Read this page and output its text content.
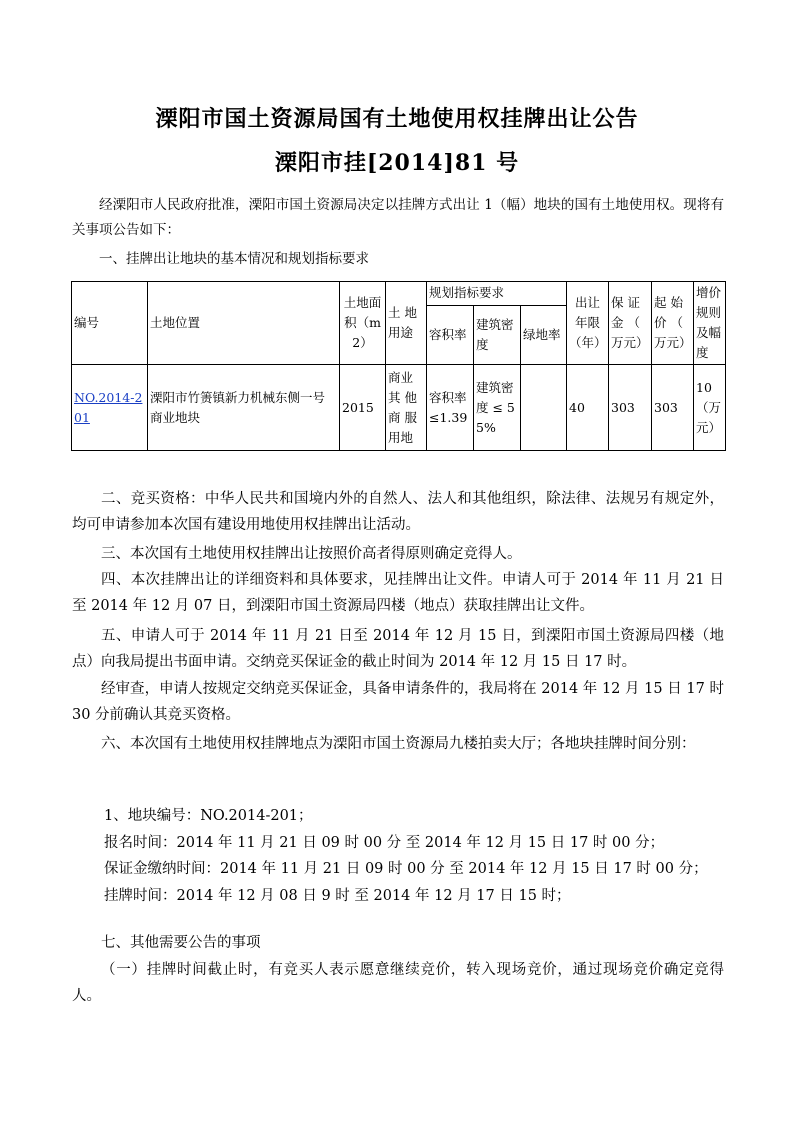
溧阳市国土资源局国有土地使用权挂牌出让公告
溧阳市挂[2014]81 号
经溧阳市人民政府批准，溧阳市国土资源局决定以挂牌方式出让 1（幅）地块的国有土地使用权。现将有关事项公告如下：
一、挂牌出让地块的基本情况和规划指标要求
编号	土地位置	土地面积（m2）	土 地用途	规划指标要求			出让年限（年）	保 证金 （ 万元）	起 始价 （ 万元）	增价规则及幅度
				容积率	建筑密度	绿地率				
NO.2014-201	溧阳市竹箦镇新力机械东侧一号商业地块	2015	商业 其 他 商 服用地	容积率≤1.39	建筑密度 ≤ 55%		40	303	303	10 （万元）
二、竞买资格：中华人民共和国境内外的自然人、法人和其他组织，除法律、法规另有规定外，均可申请参加本次国有建设用地使用权挂牌出让活动。
三、本次国有土地使用权挂牌出让按照价高者得原则确定竞得人。
四、本次挂牌出让的详细资料和具体要求，见挂牌出让文件。申请人可于 2014 年 11 月 21 日至 2014 年 12 月 07 日，到溧阳市国土资源局四楼（地点）获取挂牌出让文件。
五、申请人可于 2014 年 11 月 21 日至 2014 年 12 月 15 日，到溧阳市国土资源局四楼（地点）向我局提出书面申请。交纳竞买保证金的截止时间为 2014 年 12 月 15 日 17 时。
经审查，申请人按规定交纳竞买保证金，具备申请条件的，我局将在 2014 年 12 月 15 日 17 时 30 分前确认其竞买资格。
六、本次国有土地使用权挂牌地点为溧阳市国土资源局九楼拍卖大厅；各地块挂牌时间分别：
1、地块编号：NO.2014-201；
报名时间：2014 年 11 月 21 日 09 时 00 分 至 2014 年 12 月 15 日 17 时 00 分；
保证金缴纳时间：2014 年 11 月 21 日 09 时 00 分 至 2014 年 12 月 15 日 17 时 00 分；
挂牌时间：2014 年 12 月 08 日 9 时 至 2014 年 12 月 17 日 15 时；
七、其他需要公告的事项
（一）挂牌时间截止时，有竞买人表示愿意继续竞价，转入现场竞价，通过现场竞价确定竞得人。
